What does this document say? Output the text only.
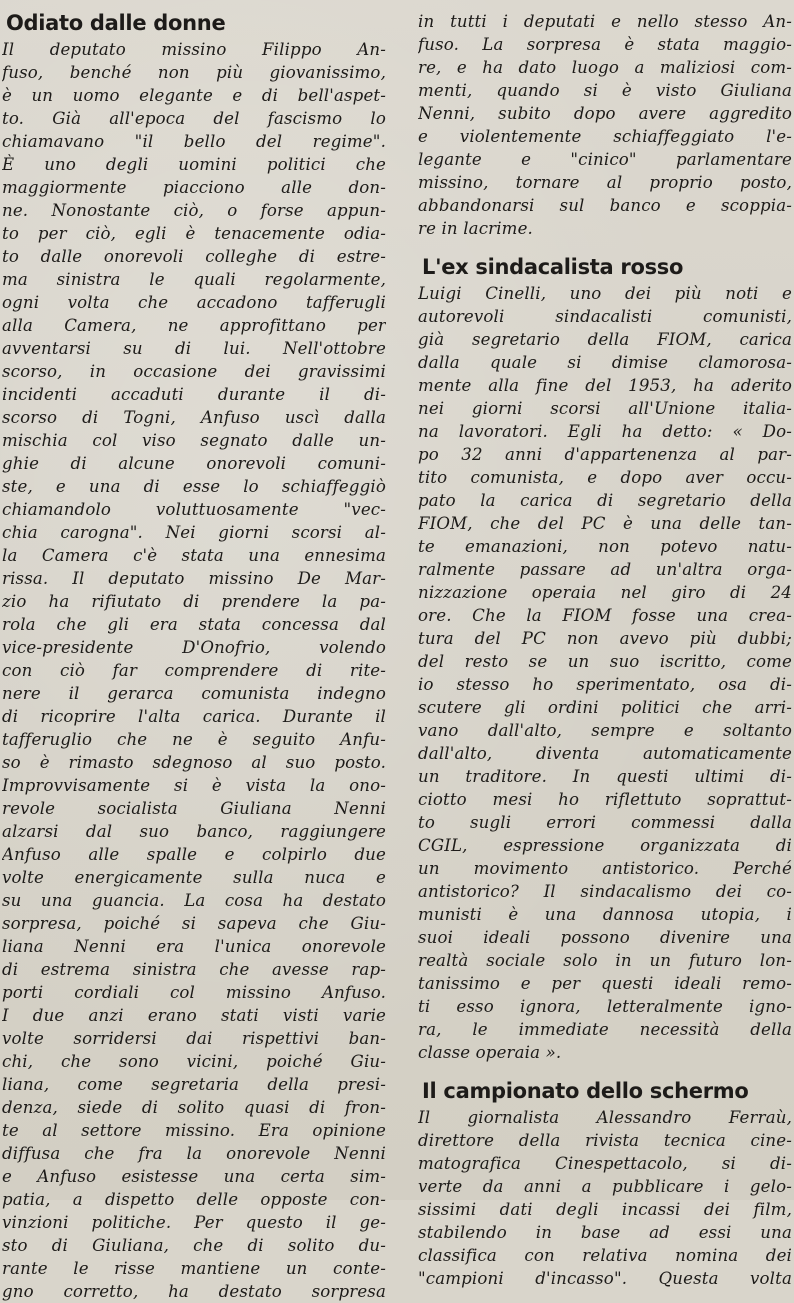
Odiato dalle donne
Il deputato missino Filippo An-
fuso, benché non più giovanissimo,
è un uomo elegante e di bell'aspet-
to. Già all'epoca del fascismo lo
chiamavano "il bello del regime".
È uno degli uomini politici che
maggiormente piacciono alle don-
ne. Nonostante ciò, o forse appun-
to per ciò, egli è tenacemente odia-
to dalle onorevoli colleghe di estre-
ma sinistra le quali regolarmente,
ogni volta che accadono tafferugli
alla Camera, ne approfittano per
avventarsi su di lui. Nell'ottobre
scorso, in occasione dei gravissimi
incidenti accaduti durante il di-
scorso di Togni, Anfuso uscì dalla
mischia col viso segnato dalle un-
ghie di alcune onorevoli comuni-
ste, e una di esse lo schiaffeggiò
chiamandolo voluttuosamente "vec-
chia carogna". Nei giorni scorsi al-
la Camera c'è stata una ennesima
rissa. Il deputato missino De Mar-
zio ha rifiutato di prendere la pa-
rola che gli era stata concessa dal
vice-presidente D'Onofrio, volendo
con ciò far comprendere di rite-
nere il gerarca comunista indegno
di ricoprire l'alta carica. Durante il
tafferuglio che ne è seguito Anfu-
so è rimasto sdegnoso al suo posto.
Improvvisamente si è vista la ono-
revole socialista Giuliana Nenni
alzarsi dal suo banco, raggiungere
Anfuso alle spalle e colpirlo due
volte energicamente sulla nuca e
su una guancia. La cosa ha destato
sorpresa, poiché si sapeva che Giu-
liana Nenni era l'unica onorevole
di estrema sinistra che avesse rap-
porti cordiali col missino Anfuso.
I due anzi erano stati visti varie
volte sorridersi dai rispettivi ban-
chi, che sono vicini, poiché Giu-
liana, come segretaria della presi-
denza, siede di solito quasi di fron-
te al settore missino. Era opinione
diffusa che fra la onorevole Nenni
e Anfuso esistesse una certa sim-
patia, a dispetto delle opposte con-
vinzioni politiche. Per questo il ge-
sto di Giuliana, che di solito du-
rante le risse mantiene un conte-
gno corretto, ha destato sorpresa
in tutti i deputati e nello stesso An-
fuso. La sorpresa è stata maggio-
re, e ha dato luogo a maliziosi com-
menti, quando si è visto Giuliana
Nenni, subito dopo avere aggredito
e violentemente schiaffeggiato l'e-
legante e "cinico" parlamentare
missino, tornare al proprio posto,
abbandonarsi sul banco e scoppia-
re in lacrime.
L'ex sindacalista rosso
Luigi Cinelli, uno dei più noti e
autorevoli sindacalisti comunisti,
già segretario della FIOM, carica
dalla quale si dimise clamorosa-
mente alla fine del 1953, ha aderito
nei giorni scorsi all'Unione italia-
na lavoratori. Egli ha detto: « Do-
po 32 anni d'appartenenza al par-
tito comunista, e dopo aver occu-
pato la carica di segretario della
FIOM, che del PC è una delle tan-
te emanazioni, non potevo natu-
ralmente passare ad un'altra orga-
nizzazione operaia nel giro di 24
ore. Che la FIOM fosse una crea-
tura del PC non avevo più dubbi;
del resto se un suo iscritto, come
io stesso ho sperimentato, osa di-
scutere gli ordini politici che arri-
vano dall'alto, sempre e soltanto
dall'alto, diventa automaticamente
un traditore. In questi ultimi di-
ciotto mesi ho riflettuto soprattut-
to sugli errori commessi dalla
CGIL, espressione organizzata di
un movimento antistorico. Perché
antistorico? Il sindacalismo dei co-
munisti è una dannosa utopia, i
suoi ideali possono divenire una
realtà sociale solo in un futuro lon-
tanissimo e per questi ideali remo-
ti esso ignora, letteralmente igno-
ra, le immediate necessità della
classe operaia ».
Il campionato dello schermo
Il giornalista Alessandro Ferraù,
direttore della rivista tecnica cine-
matografica Cinespettacolo, si di-
verte da anni a pubblicare i gelo-
sissimi dati degli incassi dei film,
stabilendo in base ad essi una
classifica con relativa nomina dei
"campioni d'incasso". Questa volta
